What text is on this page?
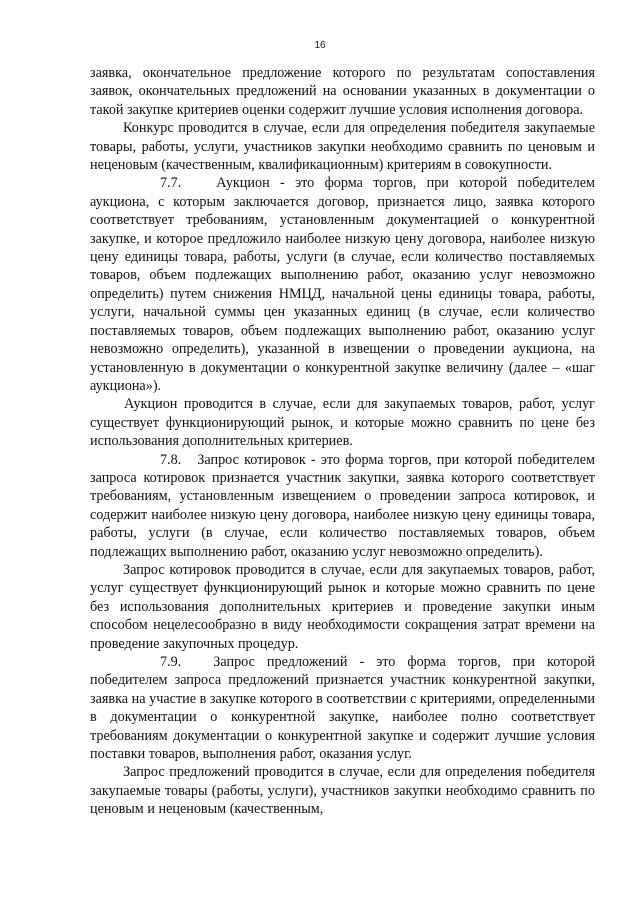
16

заявка, окончательное предложение которого по результатам сопоставления заявок, окончательных предложений на основании указанных в документации о такой закупке критериев оценки содержит лучшие условия исполнения договора.

Конкурс проводится в случае, если для определения победителя закупаемые товары, работы, услуги, участников закупки необходимо сравнить по ценовым и неценовым (качественным, квалификационным) критериям в совокупности.

7.7. Аукцион - это форма торгов, при которой победителем аукциона, с которым заключается договор, признается лицо, заявка которого соответствует требованиям, установленным документацией о конкурентной закупке, и которое предложило наиболее низкую цену договора, наиболее низкую цену единицы товара, работы, услуги (в случае, если количество поставляемых товаров, объем подлежащих выполнению работ, оказанию услуг невозможно определить) путем снижения НМЦД, начальной цены единицы товара, работы, услуги, начальной суммы цен указанных единиц (в случае, если количество поставляемых товаров, объем подлежащих выполнению работ, оказанию услуг невозможно определить), указанной в извещении о проведении аукциона, на установленную в документации о конкурентной закупке величину (далее – «шаг аукциона»).

Аукцион проводится в случае, если для закупаемых товаров, работ, услуг существует функционирующий рынок, и которые можно сравнить по цене без использования дополнительных критериев.

7.8. Запрос котировок - это форма торгов, при которой победителем запроса котировок признается участник закупки, заявка которого соответствует требованиям, установленным извещением о проведении запроса котировок, и содержит наиболее низкую цену договора, наиболее низкую цену единицы товара, работы, услуги (в случае, если количество поставляемых товаров, объем подлежащих выполнению работ, оказанию услуг невозможно определить).

Запрос котировок проводится в случае, если для закупаемых товаров, работ, услуг существует функционирующий рынок и которые можно сравнить по цене без использования дополнительных критериев и проведение закупки иным способом нецелесообразно в виду необходимости сокращения затрат времени на проведение закупочных процедур.

7.9. Запрос предложений - это форма торгов, при которой победителем запроса предложений признается участник конкурентной закупки, заявка на участие в закупке которого в соответствии с критериями, определенными в документации о конкурентной закупке, наиболее полно соответствует требованиям документации о конкурентной закупке и содержит лучшие условия поставки товаров, выполнения работ, оказания услуг.

Запрос предложений проводится в случае, если для определения победителя закупаемые товары (работы, услуги), участников закупки необходимо сравнить по ценовым и неценовым (качественным,
